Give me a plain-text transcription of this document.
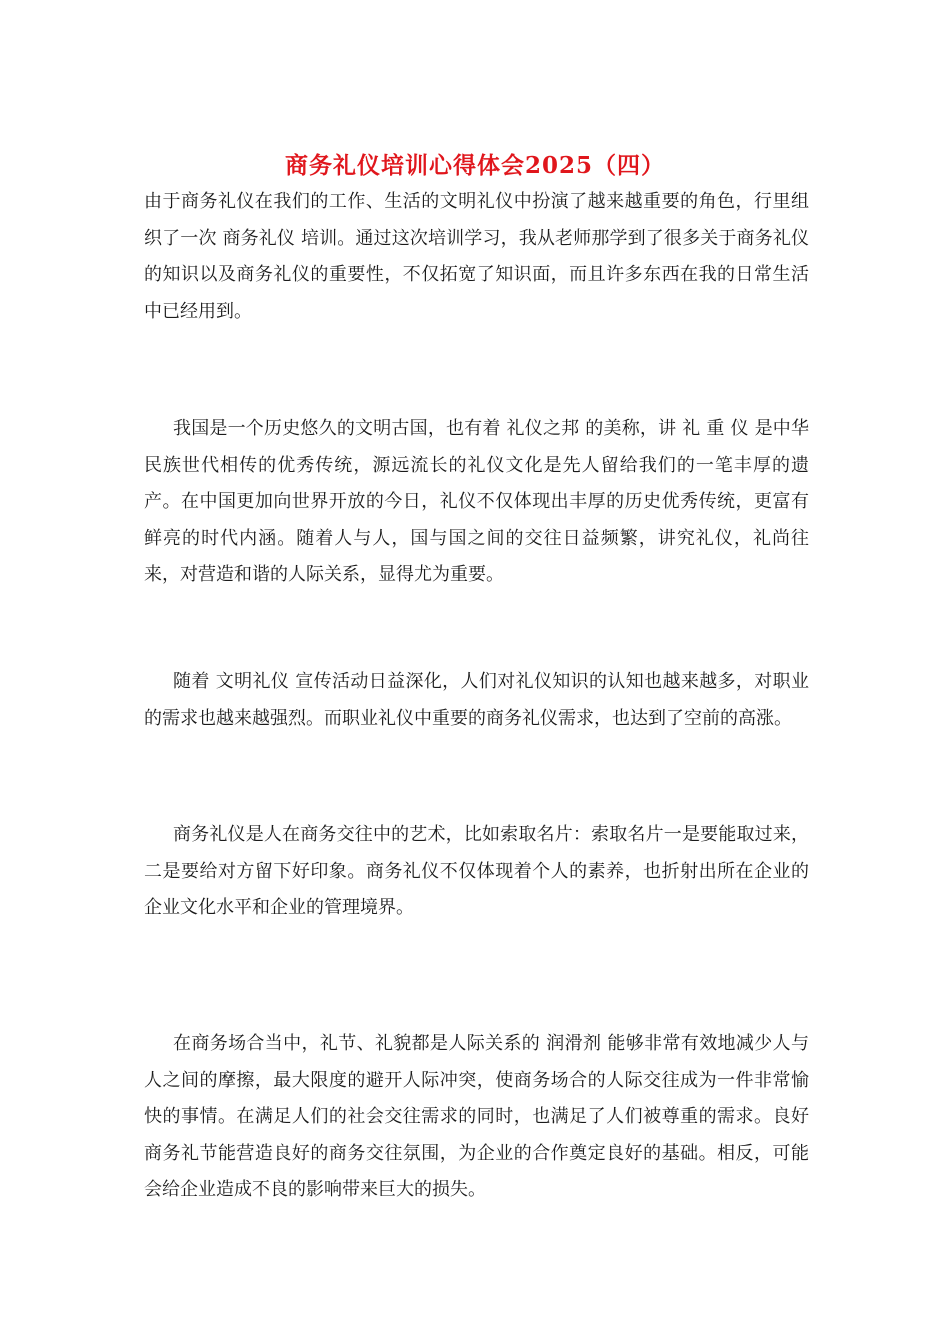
商务礼仪培训心得体会2025（四）

由于商务礼仪在我们的工作、生活的文明礼仪中扮演了越来越重要的角色，行里组织了一次 商务礼仪 培训。通过这次培训学习，我从老师那学到了很多关于商务礼仪的知识以及商务礼仪的重要性，不仅拓宽了知识面，而且许多东西在我的日常生活中已经用到。

我国是一个历史悠久的文明古国，也有着 礼仪之邦 的美称，讲 礼 重 仪 是中华民族世代相传的优秀传统，源远流长的礼仪文化是先人留给我们的一笔丰厚的遗产。在中国更加向世界开放的今日，礼仪不仅体现出丰厚的历史优秀传统，更富有鲜亮的时代内涵。随着人与人，国与国之间的交往日益频繁，讲究礼仪，礼尚往来，对营造和谐的人际关系，显得尤为重要。

随着 文明礼仪 宣传活动日益深化，人们对礼仪知识的认知也越来越多，对职业的需求也越来越强烈。而职业礼仪中重要的商务礼仪需求，也达到了空前的高涨。

商务礼仪是人在商务交往中的艺术，比如索取名片：索取名片一是要能取过来，二是要给对方留下好印象。商务礼仪不仅体现着个人的素养，也折射出所在企业的企业文化水平和企业的管理境界。

在商务场合当中，礼节、礼貌都是人际关系的 润滑剂 能够非常有效地减少人与人之间的摩擦，最大限度的避开人际冲突，使商务场合的人际交往成为一件非常愉快的事情。在满足人们的社会交往需求的同时，也满足了人们被尊重的需求。良好商务礼节能营造良好的商务交往氛围，为企业的合作奠定良好的基础。相反，可能会给企业造成不良的影响带来巨大的损失。
